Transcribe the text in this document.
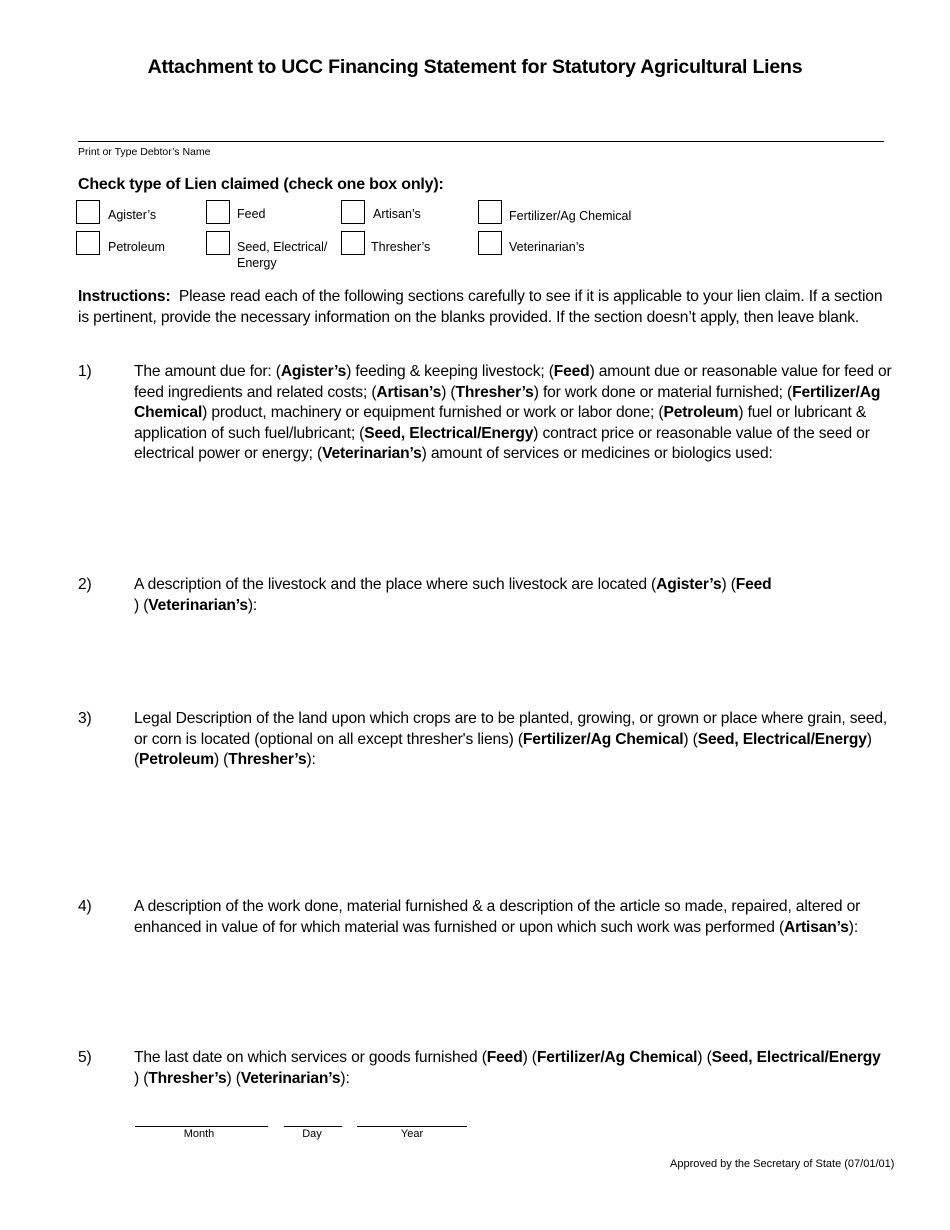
Attachment to UCC Financing Statement for Statutory Agricultural Liens
Print or Type Debtor’s Name
Check type of Lien claimed (check one box only):
Agister’s	Feed	Artisan’s	Fertilizer/Ag Chemical
Petroleum	Seed, Electrical/
Energy
Thresher’s	Veterinarian’s
Instructions: Please read each of the following sections carefully to see if it is applicable to your lien claim. If a section is pertinent, provide the necessary information on the blanks provided. If the section doesn’t apply, then leave blank.
1)	The amount due for: (Agister’s) feeding & keeping livestock; (Feed) amount due or reasonable value for feed or feed ingredients and related costs; (Artisan’s) (Thresher’s) for work done or material furnished; (Fertilizer/Ag Chemical) product, machinery or equipment furnished or work or labor done; (Petroleum) fuel or lubricant & application of such fuel/lubricant; (Seed, Electrical/Energy) contract price or reasonable value of the seed or electrical power or energy; (Veterinarian’s) amount of services or medicines or biologics used:
2)	A description of the livestock and the place where such livestock are located (Agister’s) (Feed
) (Veterinarian’s):
3)	Legal Description of the land upon which crops are to be planted, growing, or grown or place where grain, seed, or corn is located (optional on all except thresher's liens) (Fertilizer/Ag Chemical) (Seed, Electrical/Energy) (Petroleum) (Thresher’s):
4)	A description of the work done, material furnished & a description of the article so made, repaired, altered or enhanced in value of for which material was furnished or upon which such work was performed (Artisan’s):
5)	The last date on which services or goods furnished (Feed) (Fertilizer/Ag Chemical) (Seed, Electrical/Energy
) (Thresher’s) (Veterinarian’s):
Month	Day	Year
Approved by the Secretary of State (07/01/01)
